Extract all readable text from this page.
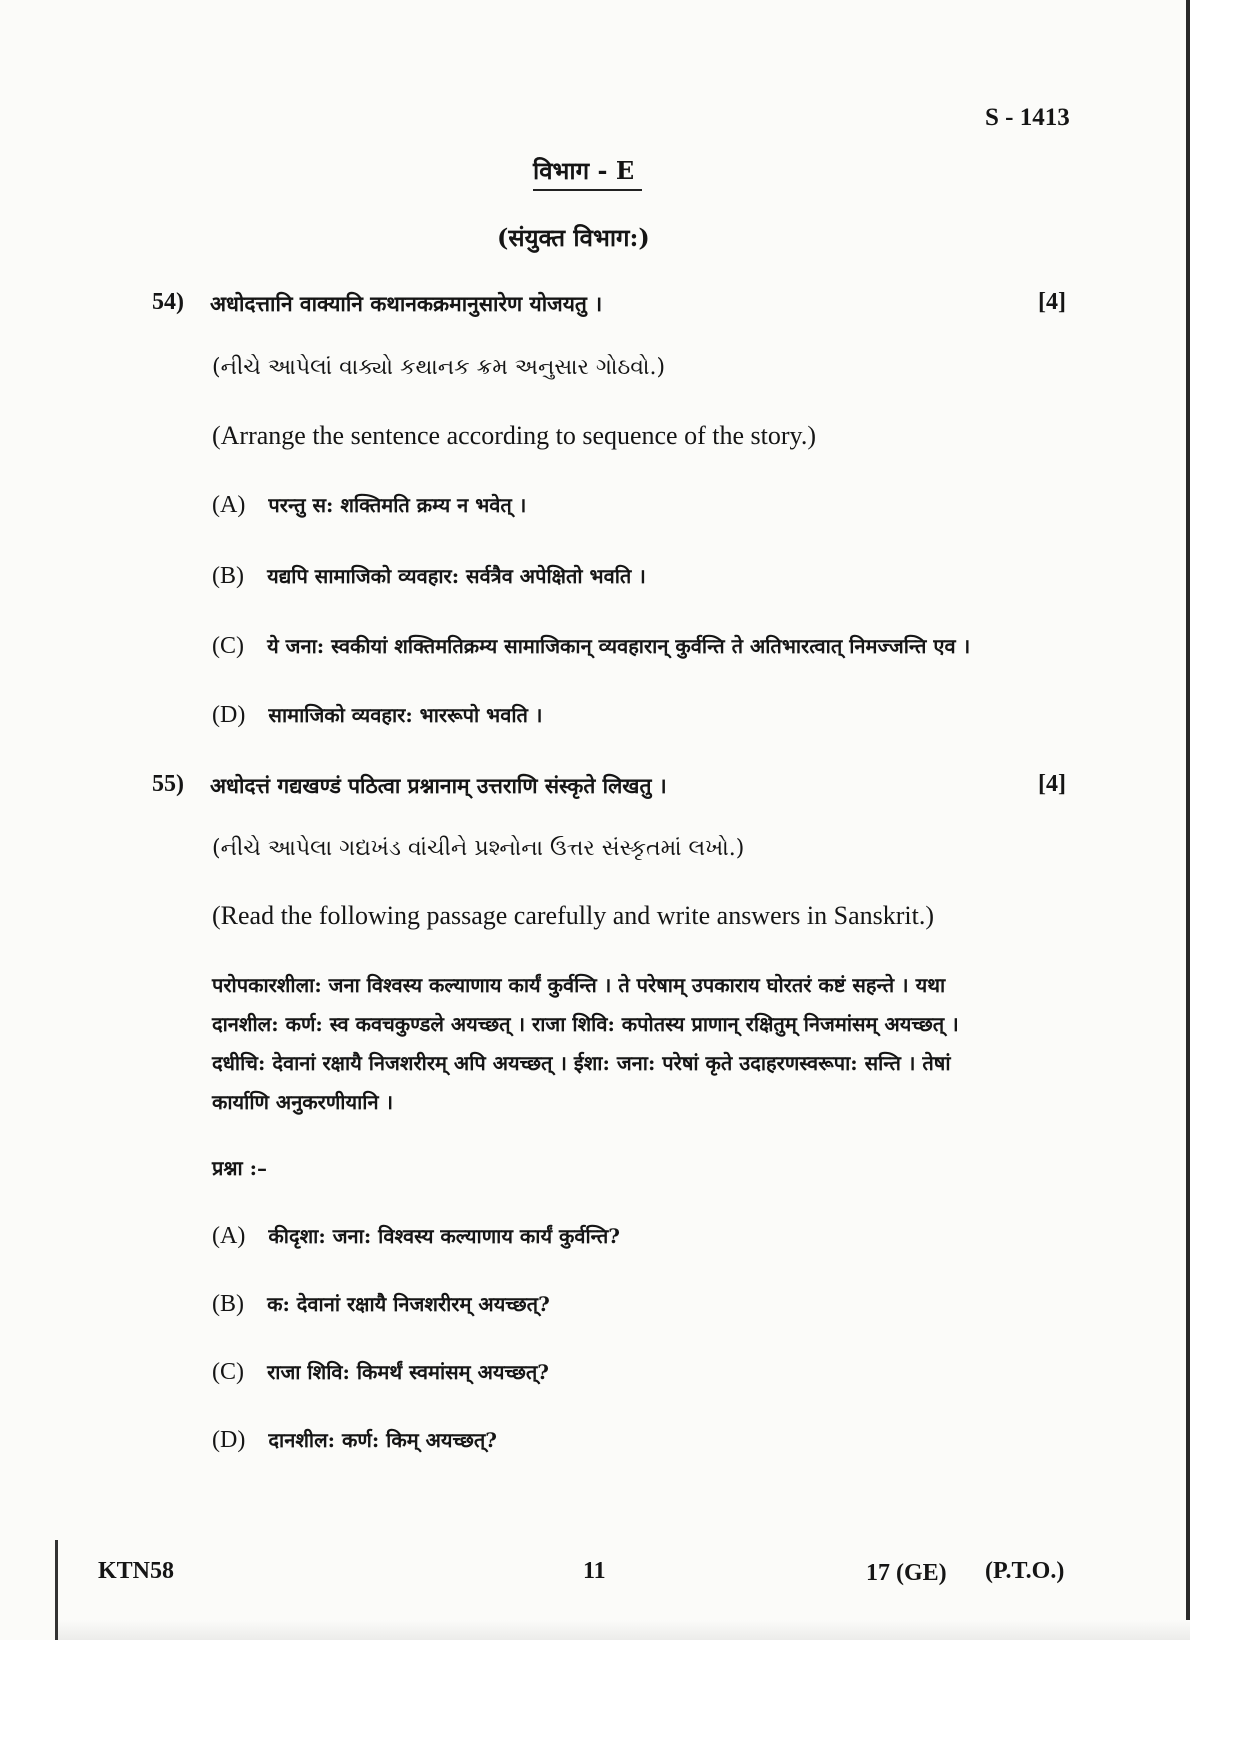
S - 1413
विभाग - E
(संयुक्त विभाग:)
54) अधोदत्तानि वाक्यानि कथानकक्रमानुसारेण योजयतु ।	[4]
(નીચે આપેલાં વાક્યો કથાનક ક્રમ અનુસાર ગોઠવો.)
(Arrange the sentence according to sequence of the story.)
(A) परन्तु स: शक्तिमति क्रम्य न भवेत् ।
(B) यद्यपि सामाजिको व्यवहार: सर्वत्रैव अपेक्षितो भवति ।
(C) ये जना: स्वकीयां शक्तिमतिक्रम्य सामाजिकान् व्यवहारान् कुर्वन्ति ते अतिभारत्वात् निमज्जन्ति एव ।
(D) सामाजिको व्यवहार: भाररूपो भवति ।
55) अधोदत्तं गद्यखण्डं पठित्वा प्रश्नानाम् उत्तराणि संस्कृते लिखतु ।	[4]
(નીચે આપેલા ગદ્યખંડ વાંચીને પ્રશ્નોના ઉત્તર સંસ્કૃતમાં લખો.)
(Read the following passage carefully and write answers in Sanskrit.)
परोपकारशीला: जना विश्वस्य कल्याणाय कार्यं कुर्वन्ति । ते परेषाम् उपकाराय घोरतरं कष्टं सहन्ते । यथा
दानशील: कर्ण: स्व कवचकुण्डले अयच्छत् । राजा शिवि: कपोतस्य प्राणान् रक्षितुम् निजमांसम् अयच्छत् ।
दधीचि: देवानां रक्षायै निजशरीरम् अपि अयच्छत् । ईशा: जना: परेषां कृते उदाहरणस्वरूपा: सन्ति । तेषां
कार्याणि अनुकरणीयानि ।
प्रश्ना :–
(A) कीदृशा: जना: विश्वस्य कल्याणाय कार्यं कुर्वन्ति?
(B) क: देवानां रक्षायै निजशरीरम् अयच्छत्?
(C) राजा शिवि: किमर्थं स्वमांसम् अयच्छत्?
(D) दानशील: कर्ण: किम् अयच्छत्?
KTN58	11	17 (GE) (P.T.O.)
